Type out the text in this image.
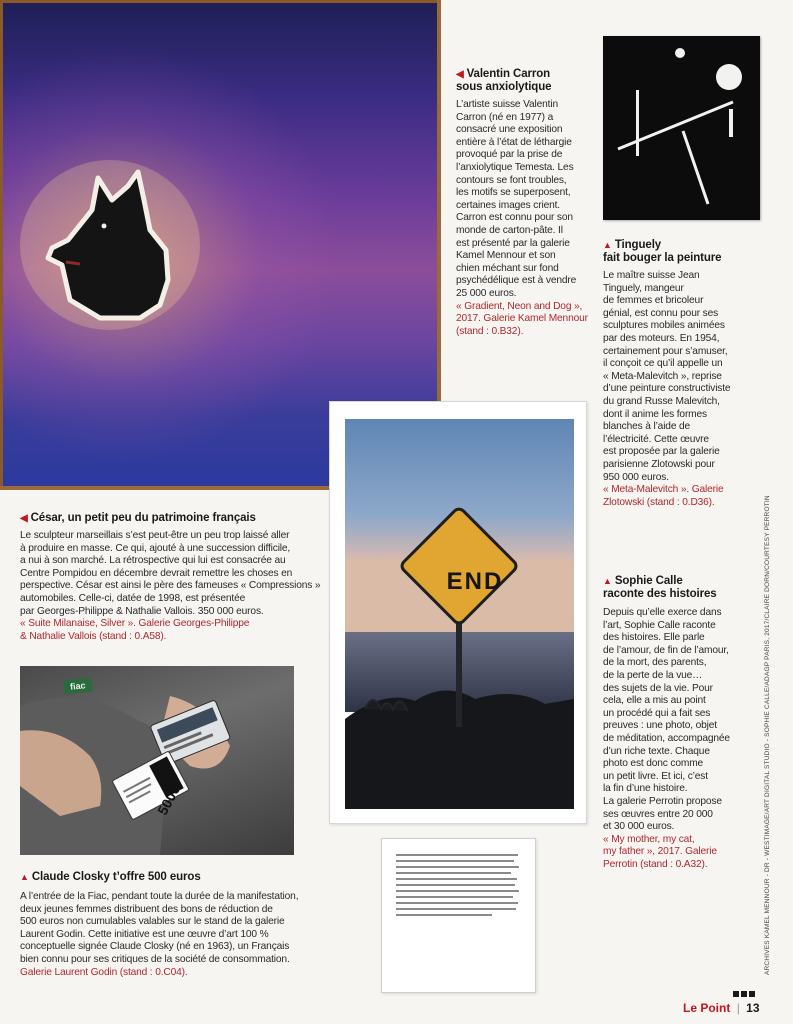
◀ Valentin Carron
sous anxiolytique
L’artiste suisse Valentin
Carron (né en 1977) a
consacré une exposition
entière à l’état de léthargie
provoqué par la prise de
l’anxiolytique Temesta. Les
contours se font troubles,
les motifs se superposent,
certaines images crient.
Carron est connu pour son
monde de carton-pâte. Il
est présenté par la galerie
Kamel Mennour et son
chien méchant sur fond
psychédélique est à vendre
25 000 euros.
« Gradient, Neon and Dog »,
2017. Galerie Kamel Mennour
(stand : 0.B32).
▲ Tinguely
fait bouger la peinture
Le maître suisse Jean
Tinguely, mangeur
de femmes et bricoleur
génial, est connu pour ses
sculptures mobiles animées
par des moteurs. En 1954,
certainement pour s’amuser,
il conçoit ce qu’il appelle un
« Meta-Malevitch », reprise
d’une peinture constructiviste
du grand Russe Malevitch,
dont il anime les formes
blanches à l’aide de
l’électricité. Cette œuvre
est proposée par la galerie
parisienne Zlotowski pour
950 000 euros.
« Meta-Malevitch ». Galerie
Zlotowski (stand : 0.D36).
◀ César, un petit peu du patrimoine français
Le sculpteur marseillais s’est peut-être un peu trop laissé aller
à produire en masse. Ce qui, ajouté à une succession difficile,
a nui à son marché. La rétrospective qui lui est consacrée au
Centre Pompidou en décembre devrait remettre les choses en
perspective. César est ainsi le père des fameuses « Compressions »
automobiles. Celle-ci, datée de 1998, est présentée
par Georges-Philippe & Nathalie Vallois. 350 000 euros.
« Suite Milanaise, Silver ». Galerie Georges-Philippe
& Nathalie Vallois (stand : 0.A58).
END	▲ Sophie Calle
raconte des histoires
Depuis qu’elle exerce dans
l’art, Sophie Calle raconte
des histoires. Elle parle
de l’amour, de fin de l’amour,
de la mort, des parents,
de la perte de la vue…
des sujets de la vie. Pour
cela, elle a mis au point
un procédé qui a fait ses
preuves : une photo, objet
de méditation, accompagnée
d’un riche texte. Chaque
photo est donc comme
un petit livre. Et ici, c’est
la fin d’une histoire.
La galerie Perrotin propose
ses œuvres entre 20 000
et 30 000 euros.
« My mother, my cat,
my father », 2017. Galerie
Perrotin (stand : 0.A32).
fiac
500€
▲ Claude Closky t’offre 500 euros
A l’entrée de la Fiac, pendant toute la durée de la manifestation,
deux jeunes femmes distribuent des bons de réduction de
500 euros non cumulables valables sur le stand de la galerie
Laurent Godin. Cette initiative est une œuvre d’art 100 %
conceptuelle signée Claude Closky (né en 1963), un Français
bien connu pour ses critiques de la société de consommation.
Galerie Laurent Godin (stand : 0.C04).	ARCHIVES KAMEL MENNOUR - DR - WESTIMAGE/ART DIGITAL STUDIO - SOPHIE CALLE/ADAGP PARIS, 2017/CLAIRE DORN/COURTESY PERROTIN
Le Point | 13
